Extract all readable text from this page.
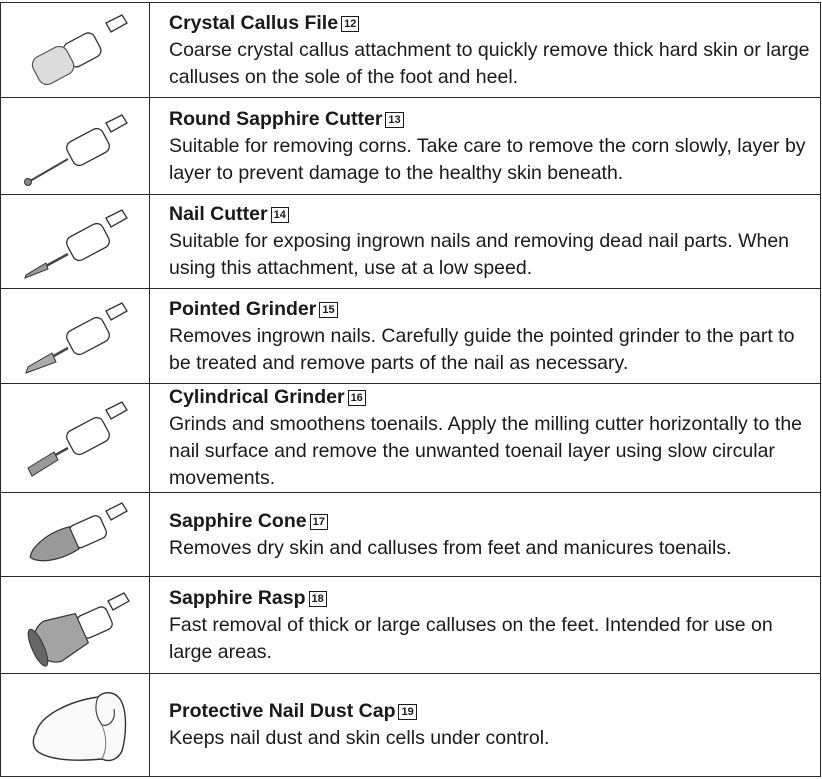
	Crystal Callus File 12
Coarse crystal callus attachment to quickly remove thick hard skin or large calluses on the sole of the foot and heel.

	Round Sapphire Cutter 13
Suitable for removing corns. Take care to remove the corn slowly, layer by layer to prevent damage to the healthy skin beneath.

	Nail Cutter 14
Suitable for exposing ingrown nails and removing dead nail parts. When using this attachment, use at a low speed.

	Pointed Grinder 15
Removes ingrown nails. Carefully guide the pointed grinder to the part to be treated and remove parts of the nail as necessary.

	Cylindrical Grinder 16
Grinds and smoothens toenails. Apply the milling cutter horizontally to the nail surface and remove the unwanted toenail layer using slow circular movements.

	Sapphire Cone 17
Removes dry skin and calluses from feet and manicures toenails.

	Sapphire Rasp 18
Fast removal of thick or large calluses on the feet. Intended for use on large areas.

	Protective Nail Dust Cap 19
Keeps nail dust and skin cells under control.
